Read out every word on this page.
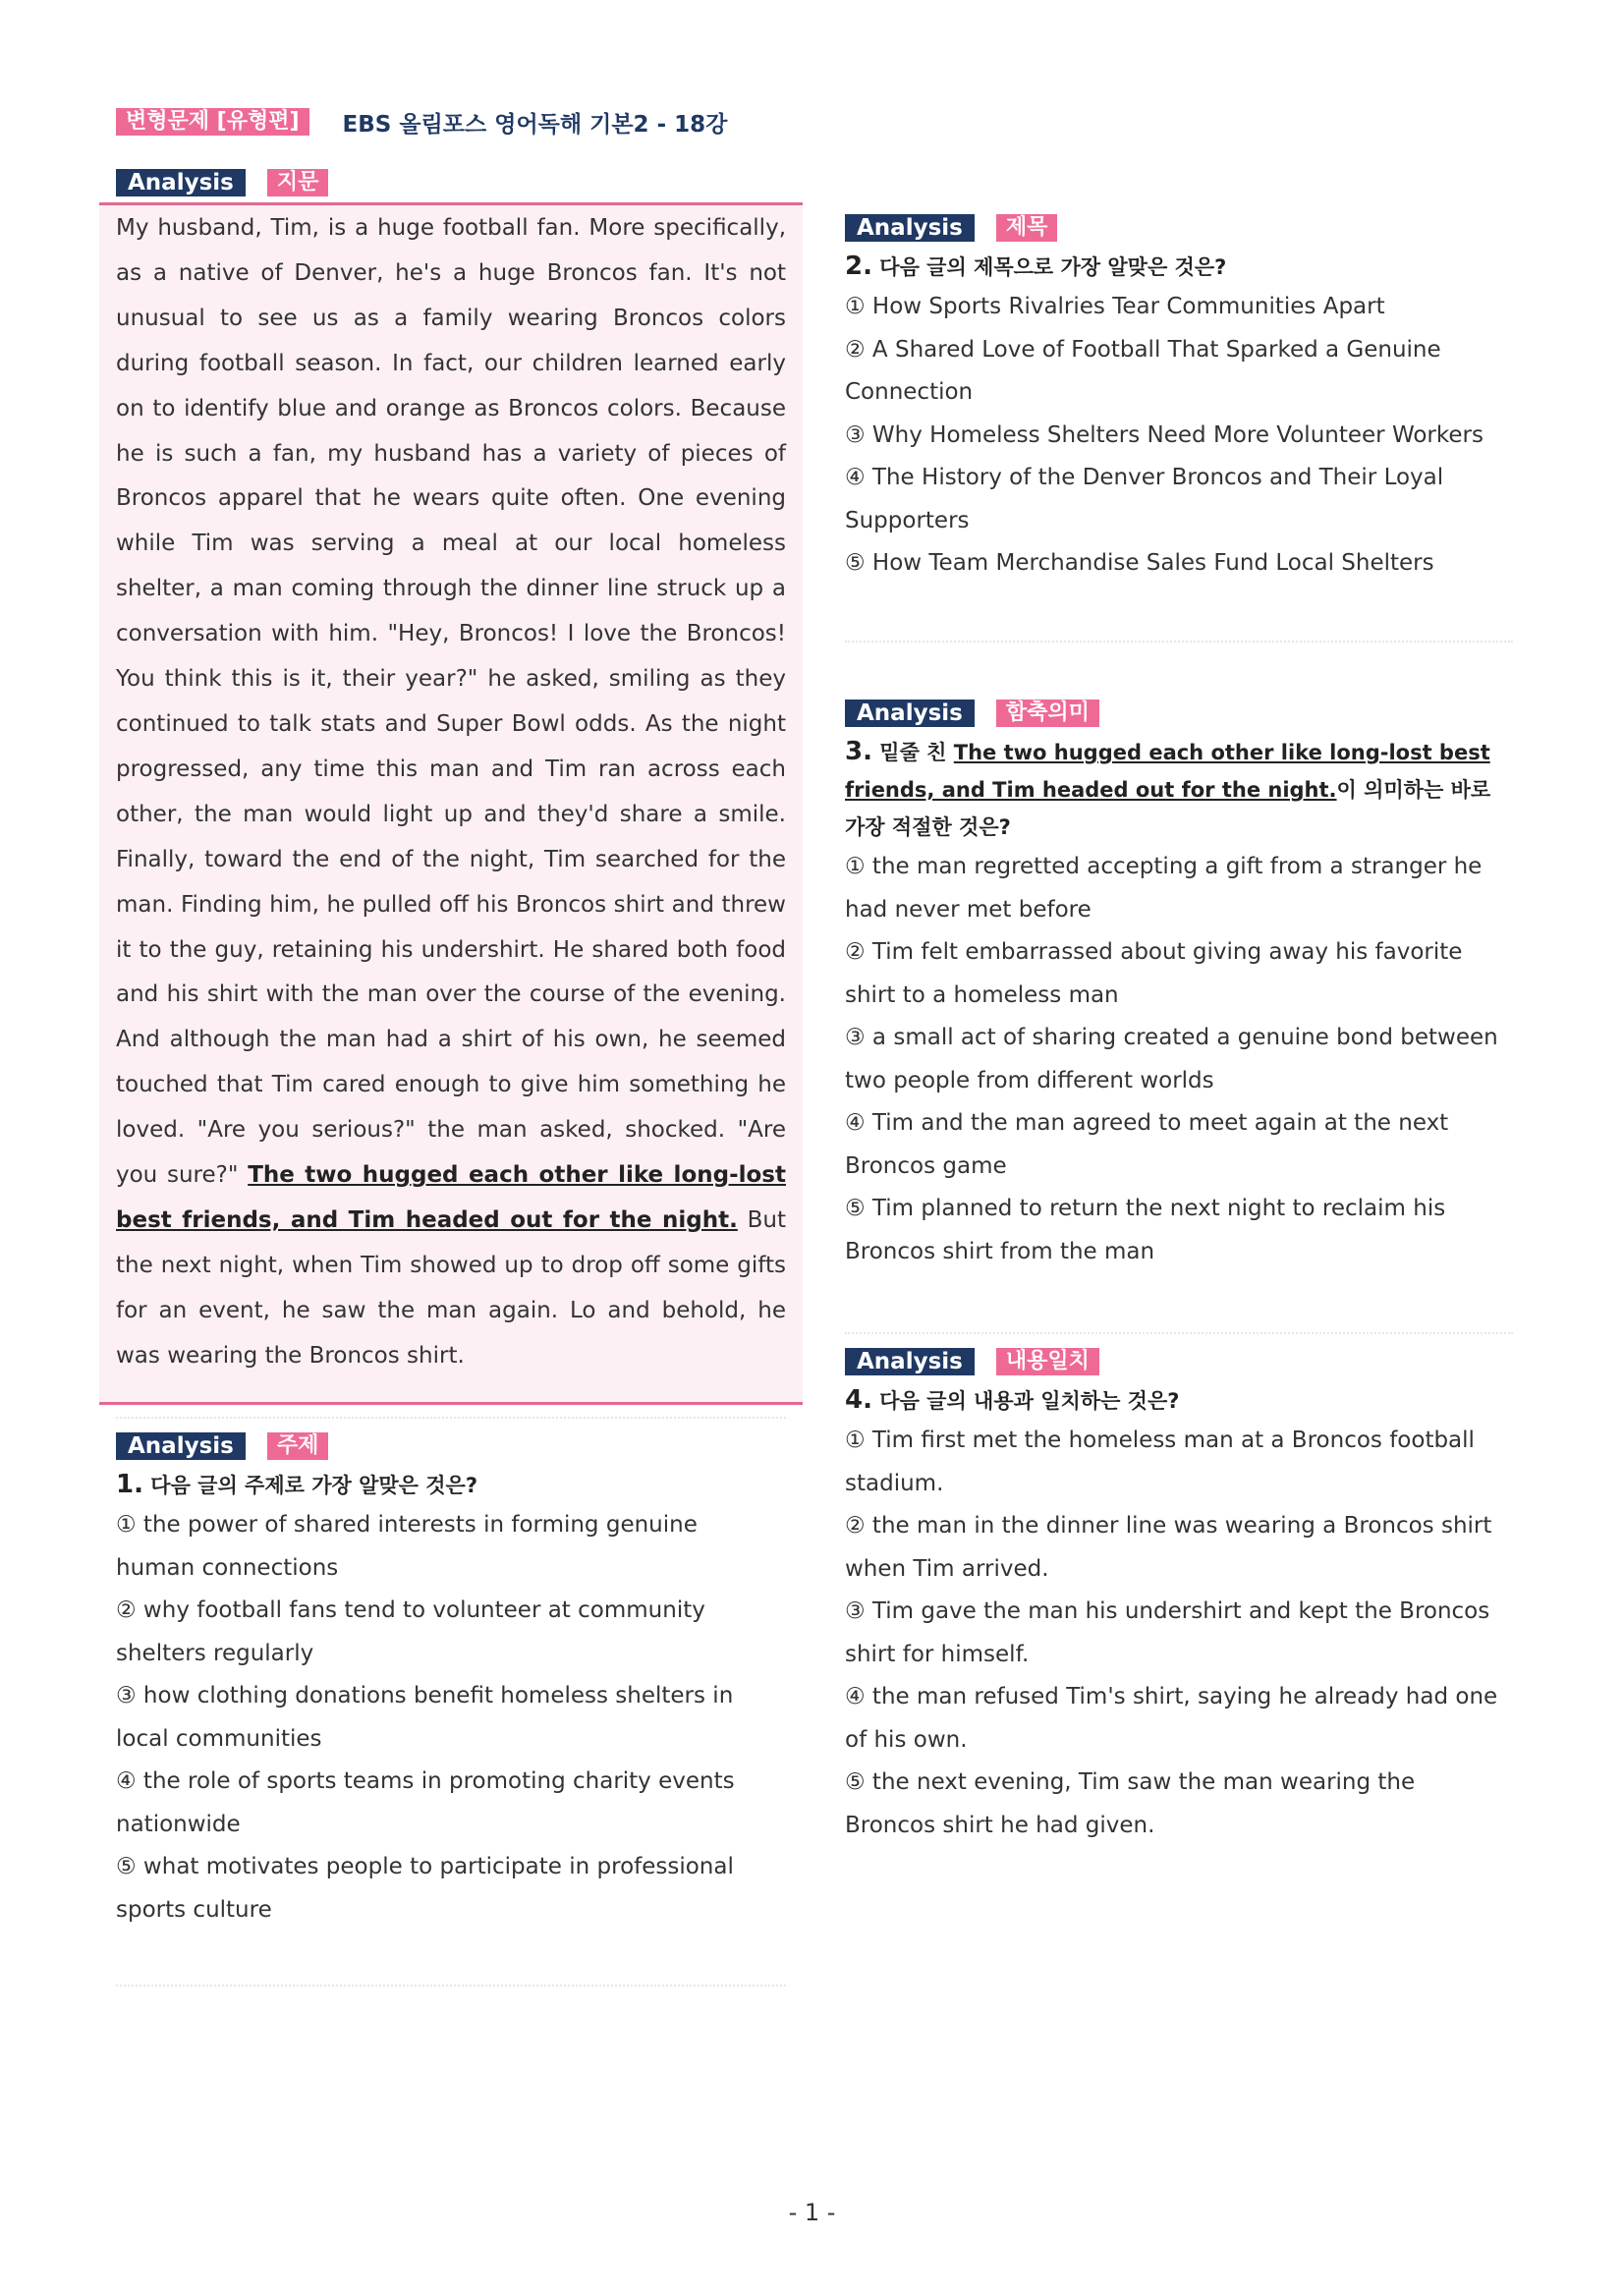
변형문제 [유형편]	EBS 올림포스 영어독해 기본2 - 18강
Analysis	지문

My husband, Tim, is a huge football fan. More specifically, as a native of Denver, he's a huge Broncos fan. It's not unusual to see us as a family wearing Broncos colors during football season. In fact, our children learned early on to identify blue and orange as Broncos colors. Because he is such a fan, my husband has a variety of pieces of Broncos apparel that he wears quite often. One evening while Tim was serving a meal at our local homeless shelter, a man coming through the dinner line struck up a conversation with him. "Hey, Broncos! I love the Broncos! You think this is it, their year?" he asked, smiling as they continued to talk stats and Super Bowl odds. As the night progressed, any time this man and Tim ran across each other, the man would light up and they'd share a smile. Finally, toward the end of the night, Tim searched for the man. Finding him, he pulled off his Broncos shirt and threw it to the guy, retaining his undershirt. He shared both food and his shirt with the man over the course of the evening. And although the man had a shirt of his own, he seemed touched that Tim cared enough to give him something he loved. "Are you serious?" the man asked, shocked. "Are you sure?" The two hugged each other like long-lost best friends, and Tim headed out for the night. But the next night, when Tim showed up to drop off some gifts for an event, he saw the man again. Lo and behold, he was wearing the Broncos shirt.

Analysis	주제

1. 다음 글의 주제로 가장 알맞은 것은?

① the power of shared interests in forming genuine
human connections
② why football fans tend to volunteer at community
shelters regularly
③ how clothing donations benefit homeless shelters in
local communities
④ the role of sports teams in promoting charity events
nationwide
⑤ what motivates people to participate in professional
sports culture
Analysis	제목

2. 다음 글의 제목으로 가장 알맞은 것은?

① How Sports Rivalries Tear Communities Apart
② A Shared Love of Football That Sparked a Genuine
Connection
③ Why Homeless Shelters Need More Volunteer Workers
④ The History of the Denver Broncos and Their Loyal
Supporters
⑤ How Team Merchandise Sales Fund Local Shelters
Analysis	함축의미

3. 밑줄 친 The two hugged each other like long-lost best friends, and Tim headed out for the night.이 의미하는 바로 가장 적절한 것은?

① the man regretted accepting a gift from a stranger he
had never met before
② Tim felt embarrassed about giving away his favorite
shirt to a homeless man
③ a small act of sharing created a genuine bond between
two people from different worlds
④ Tim and the man agreed to meet again at the next
Broncos game
⑤ Tim planned to return the next night to reclaim his
Broncos shirt from the man
Analysis	내용일치

4. 다음 글의 내용과 일치하는 것은?

① Tim first met the homeless man at a Broncos football
stadium.
② the man in the dinner line was wearing a Broncos shirt
when Tim arrived.
③ Tim gave the man his undershirt and kept the Broncos
shirt for himself.
④ the man refused Tim's shirt, saying he already had one
of his own.
⑤ the next evening, Tim saw the man wearing the
Broncos shirt he had given.
- 1 -
